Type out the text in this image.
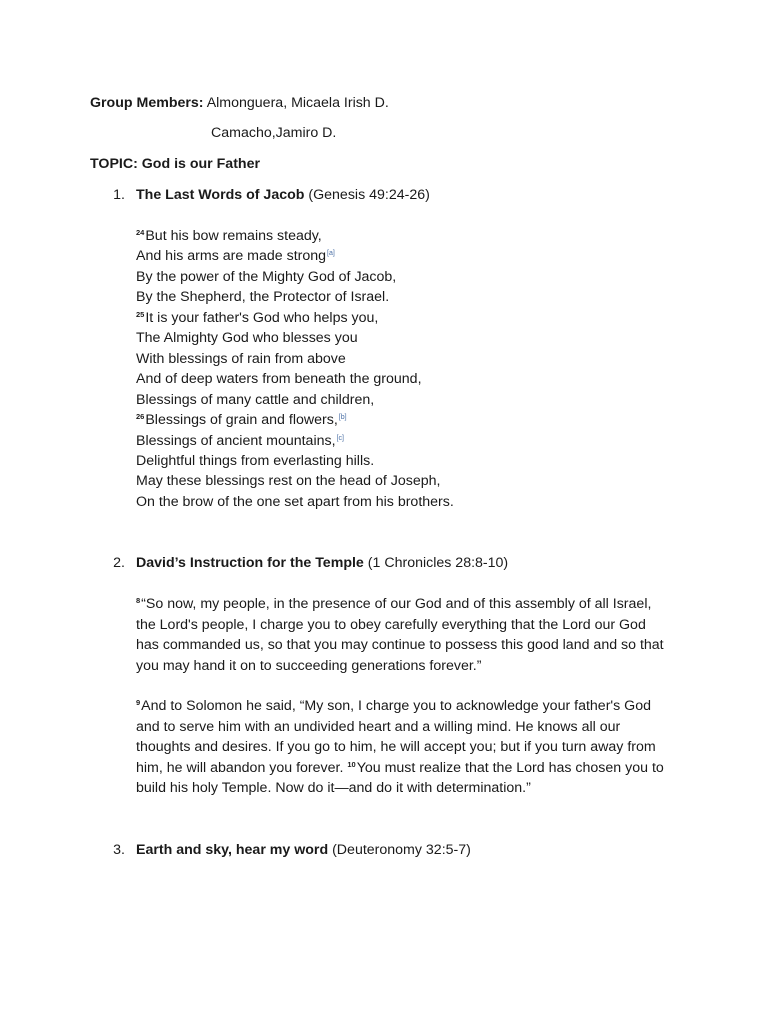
Group Members: Almonguera, Micaela Irish D.
Camacho,Jamiro D.
TOPIC: God is our Father
1. The Last Words of Jacob (Genesis 49:24-26)
$^{24}$But his bow remains steady,
And his arms are made strong[a]
By the power of the Mighty God of Jacob,
By the Shepherd, the Protector of Israel.
$^{25}$It is your father's God who helps you,
The Almighty God who blesses you
With blessings of rain from above
And of deep waters from beneath the ground,
Blessings of many cattle and children,
$^{26}$Blessings of grain and flowers,[b]
Blessings of ancient mountains,[c]
Delightful things from everlasting hills.
May these blessings rest on the head of Joseph,
On the brow of the one set apart from his brothers.
2. David’s Instruction for the Temple (1 Chronicles 28:8-10)
$^8$“So now, my people, in the presence of our God and of this assembly of all Israel,
the Lord's people, I charge you to obey carefully everything that the Lord our God
has commanded us, so that you may continue to possess this good land and so that
you may hand it on to succeeding generations forever.”
$^9$And to Solomon he said, “My son, I charge you to acknowledge your father's God
and to serve him with an undivided heart and a willing mind. He knows all our
thoughts and desires. If you go to him, he will accept you; but if you turn away from
him, he will abandon you forever. $^{10}$You must realize that the Lord has chosen you to
build his holy Temple. Now do it—and do it with determination.”
3. Earth and sky, hear my word (Deuteronomy 32:5-7)
